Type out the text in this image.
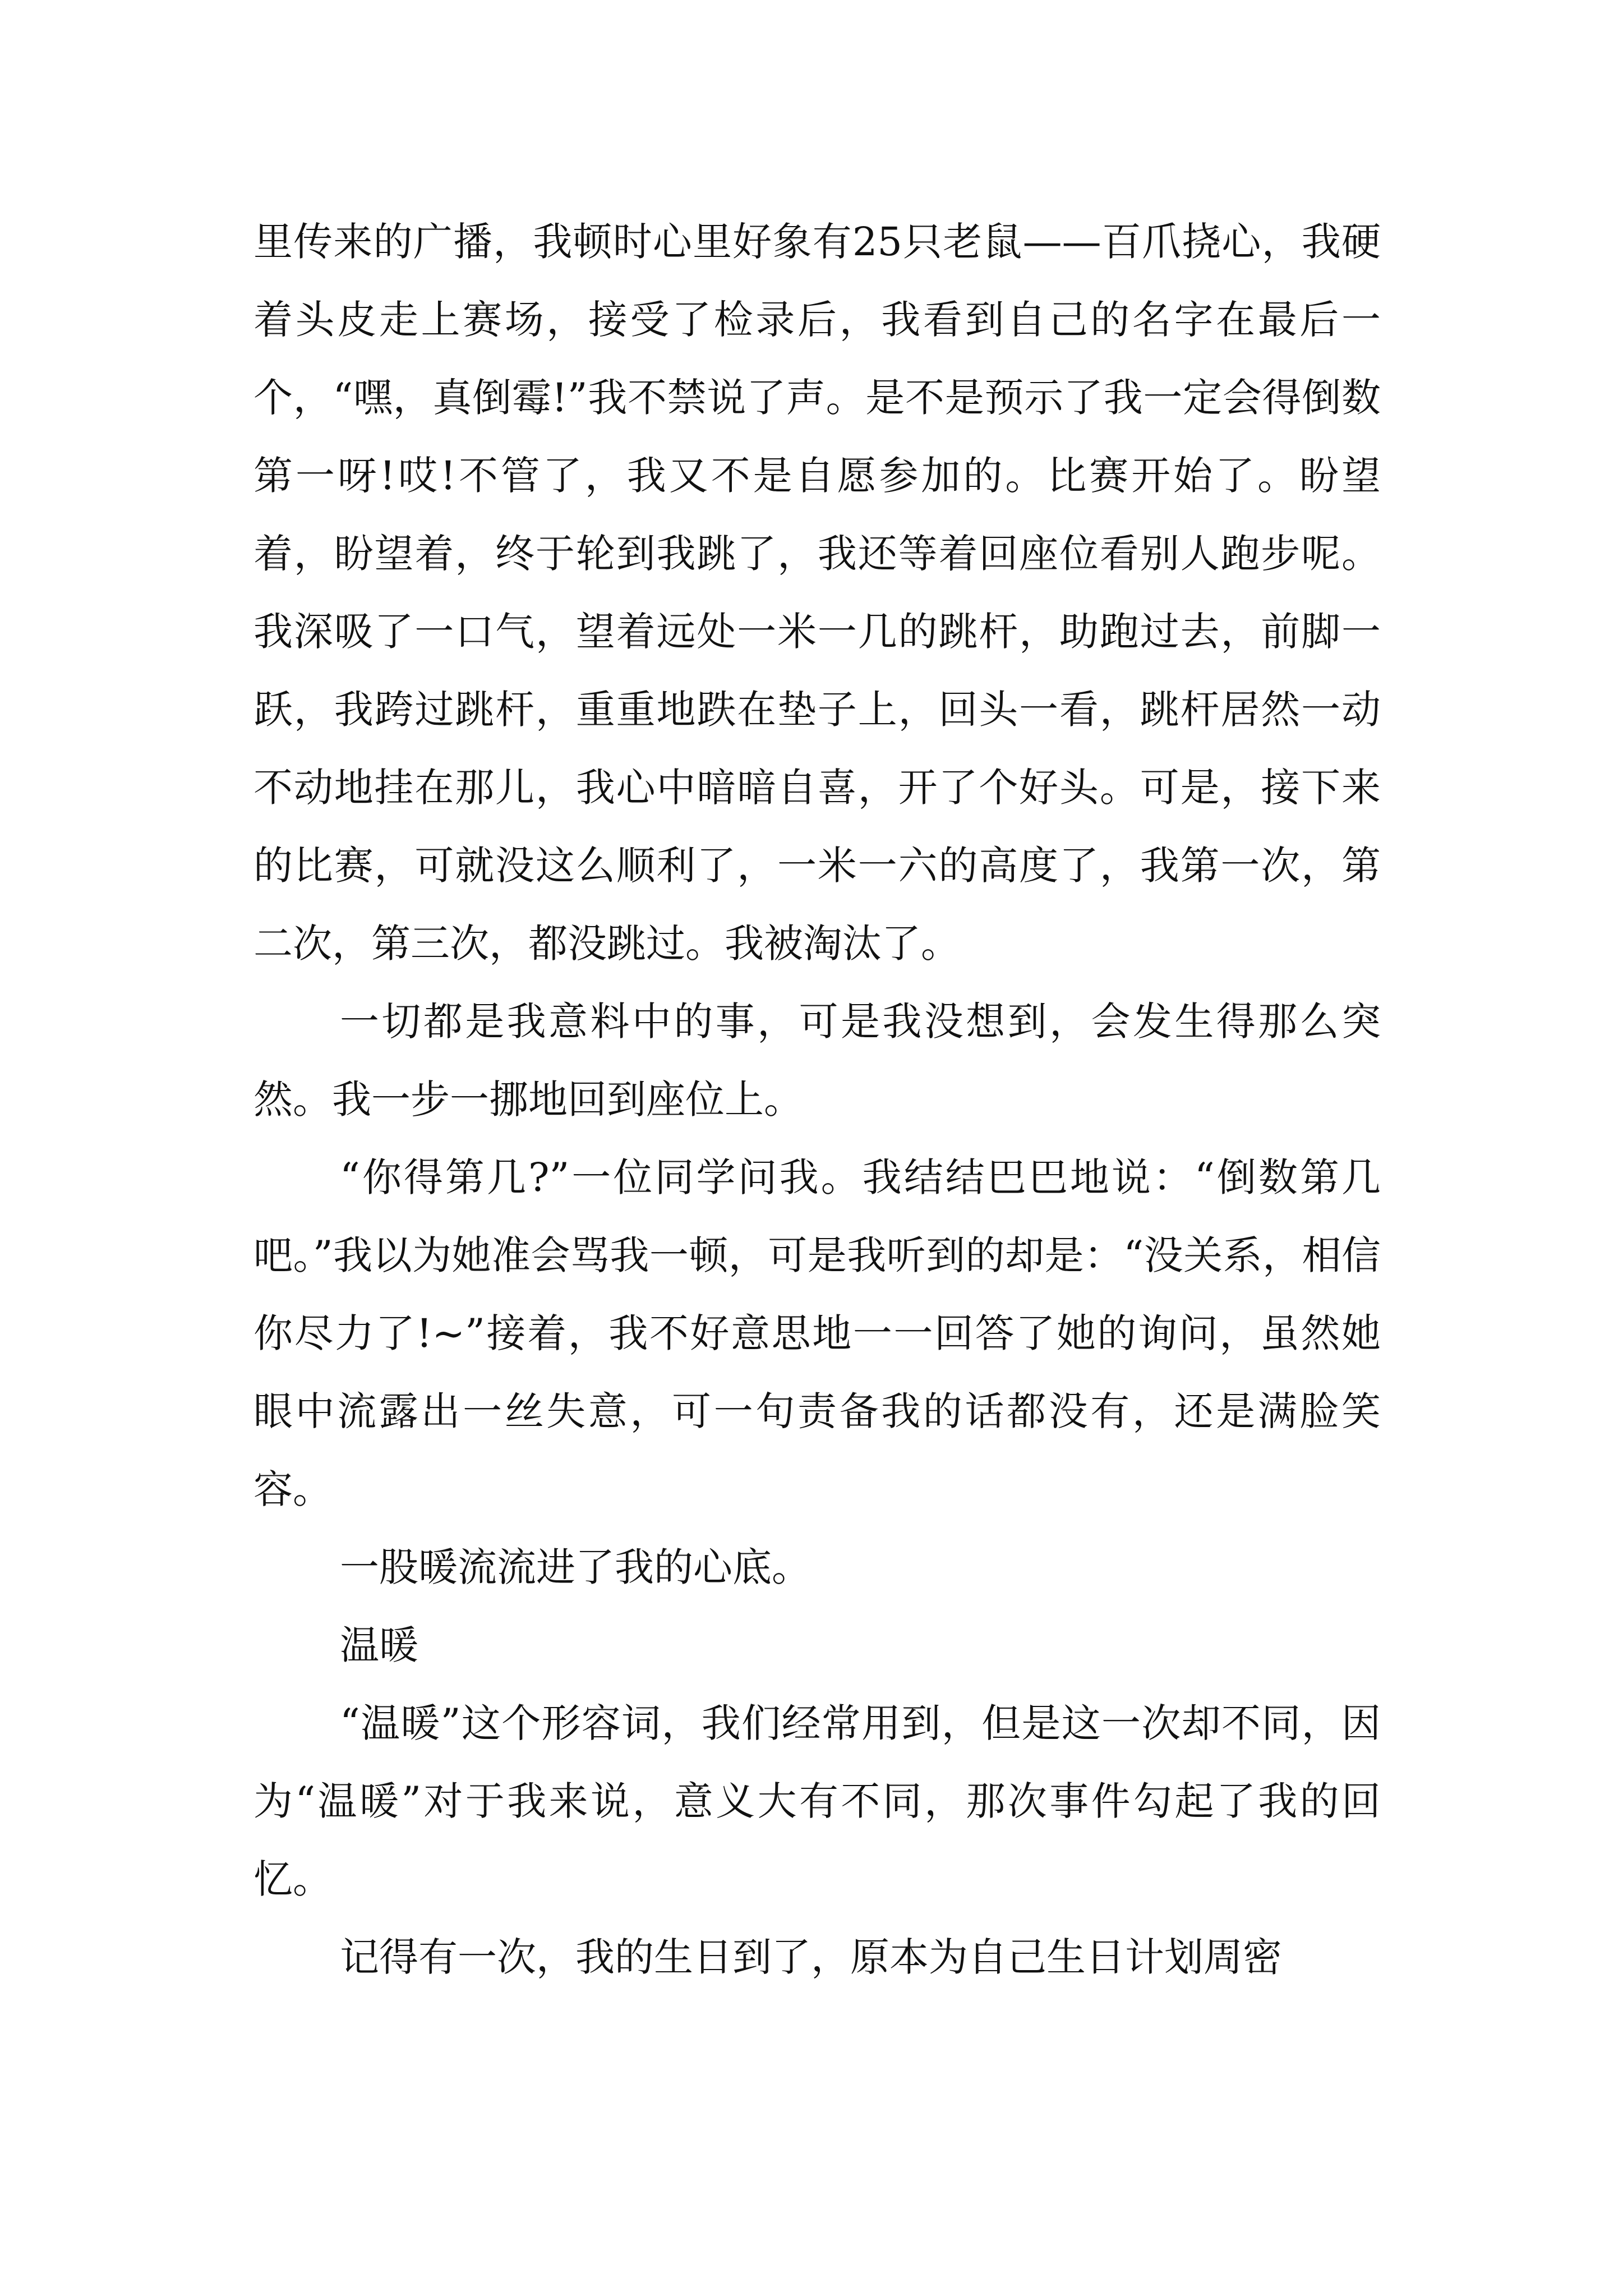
里传来的广播，我顿时心里好象有25只老鼠——百爪挠心，我硬着头皮走上赛场，接受了检录后，我看到自己的名字在最后一个，“嘿，真倒霉!”我不禁说了声。是不是预示了我一定会得倒数第一呀!哎!不管了，我又不是自愿参加的。比赛开始了。盼望着，盼望着，终于轮到我跳了，我还等着回座位看别人跑步呢。我深吸了一口气，望着远处一米一几的跳杆，助跑过去，前脚一跃，我跨过跳杆，重重地跌在垫子上，回头一看，跳杆居然一动不动地挂在那儿，我心中暗暗自喜，开了个好头。可是，接下来的比赛，可就没这么顺利了，一米一六的高度了，我第一次，第二次，第三次，都没跳过。我被淘汰了。

一切都是我意料中的事，可是我没想到，会发生得那么突然。我一步一挪地回到座位上。

“你得第几?”一位同学问我。我结结巴巴地说：“倒数第几吧。”我以为她准会骂我一顿，可是我听到的却是：“没关系，相信你尽力了!~”接着，我不好意思地一一回答了她的询问，虽然她眼中流露出一丝失意，可一句责备我的话都没有，还是满脸笑容。

一股暖流流进了我的心底。

温暖

“温暖”这个形容词，我们经常用到，但是这一次却不同，因为“温暖”对于我来说，意义大有不同，那次事件勾起了我的回忆。

记得有一次，我的生日到了，原本为自己生日计划周密
